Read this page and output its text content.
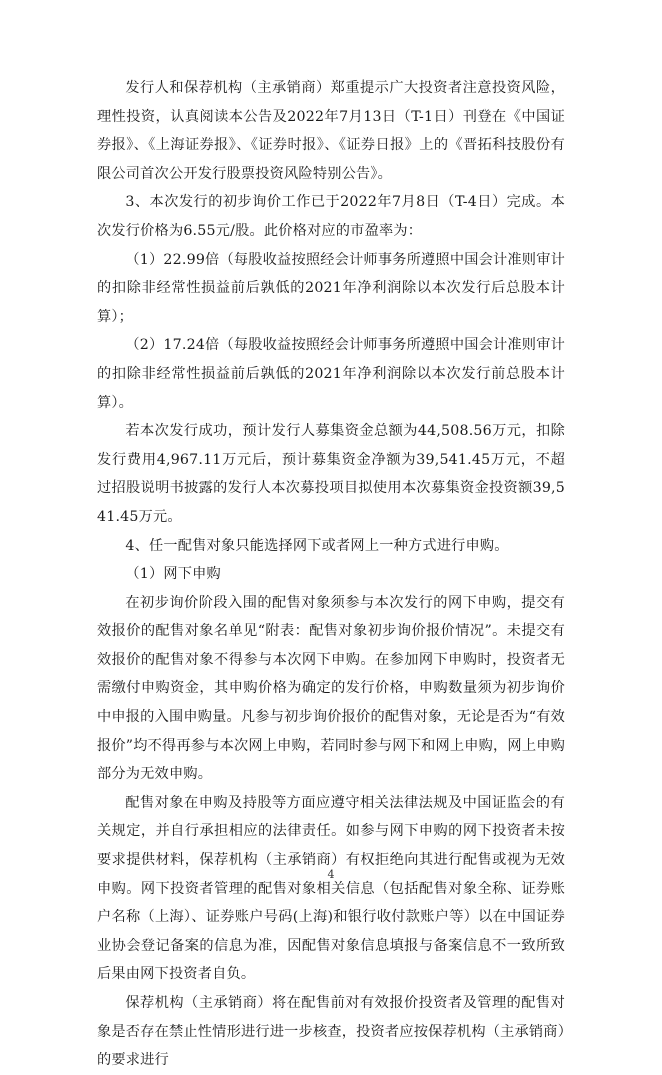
发行人和保荐机构（主承销商）郑重提示广大投资者注意投资风险，理性投资，认真阅读本公告及2022年7月13日（T-1日）刊登在《中国证券报》、《上海证券报》、《证券时报》、《证券日报》上的《晋拓科技股份有限公司首次公开发行股票投资风险特别公告》。

3、本次发行的初步询价工作已于2022年7月8日（T-4日）完成。本次发行价格为6.55元/股。此价格对应的市盈率为：

（1）22.99倍（每股收益按照经会计师事务所遵照中国会计准则审计的扣除非经常性损益前后孰低的2021年净利润除以本次发行后总股本计算）；

（2）17.24倍（每股收益按照经会计师事务所遵照中国会计准则审计的扣除非经常性损益前后孰低的2021年净利润除以本次发行前总股本计算）。

若本次发行成功，预计发行人募集资金总额为44,508.56万元，扣除发行费用4,967.11万元后，预计募集资金净额为39,541.45万元，不超过招股说明书披露的发行人本次募投项目拟使用本次募集资金投资额39,541.45万元。

4、任一配售对象只能选择网下或者网上一种方式进行申购。

（1）网下申购

在初步询价阶段入围的配售对象须参与本次发行的网下申购，提交有效报价的配售对象名单见“附表：配售对象初步询价报价情况”。未提交有效报价的配售对象不得参与本次网下申购。在参加网下申购时，投资者无需缴付申购资金，其申购价格为确定的发行价格，申购数量须为初步询价中申报的入围申购量。凡参与初步询价报价的配售对象，无论是否为“有效报价”均不得再参与本次网上申购，若同时参与网下和网上申购，网上申购部分为无效申购。

配售对象在申购及持股等方面应遵守相关法律法规及中国证监会的有关规定，并自行承担相应的法律责任。如参与网下申购的网下投资者未按要求提供材料，保荐机构（主承销商）有权拒绝向其进行配售或视为无效申购。网下投资者管理的配售对象相关信息（包括配售对象全称、证券账户名称（上海）、证券账户号码(上海)和银行收付款账户等）以在中国证券业协会登记备案的信息为准，因配售对象信息填报与备案信息不一致所致后果由网下投资者自负。

保荐机构（主承销商）将在配售前对有效报价投资者及管理的配售对象是否存在禁止性情形进行进一步核查，投资者应按保荐机构（主承销商）的要求进行

4
